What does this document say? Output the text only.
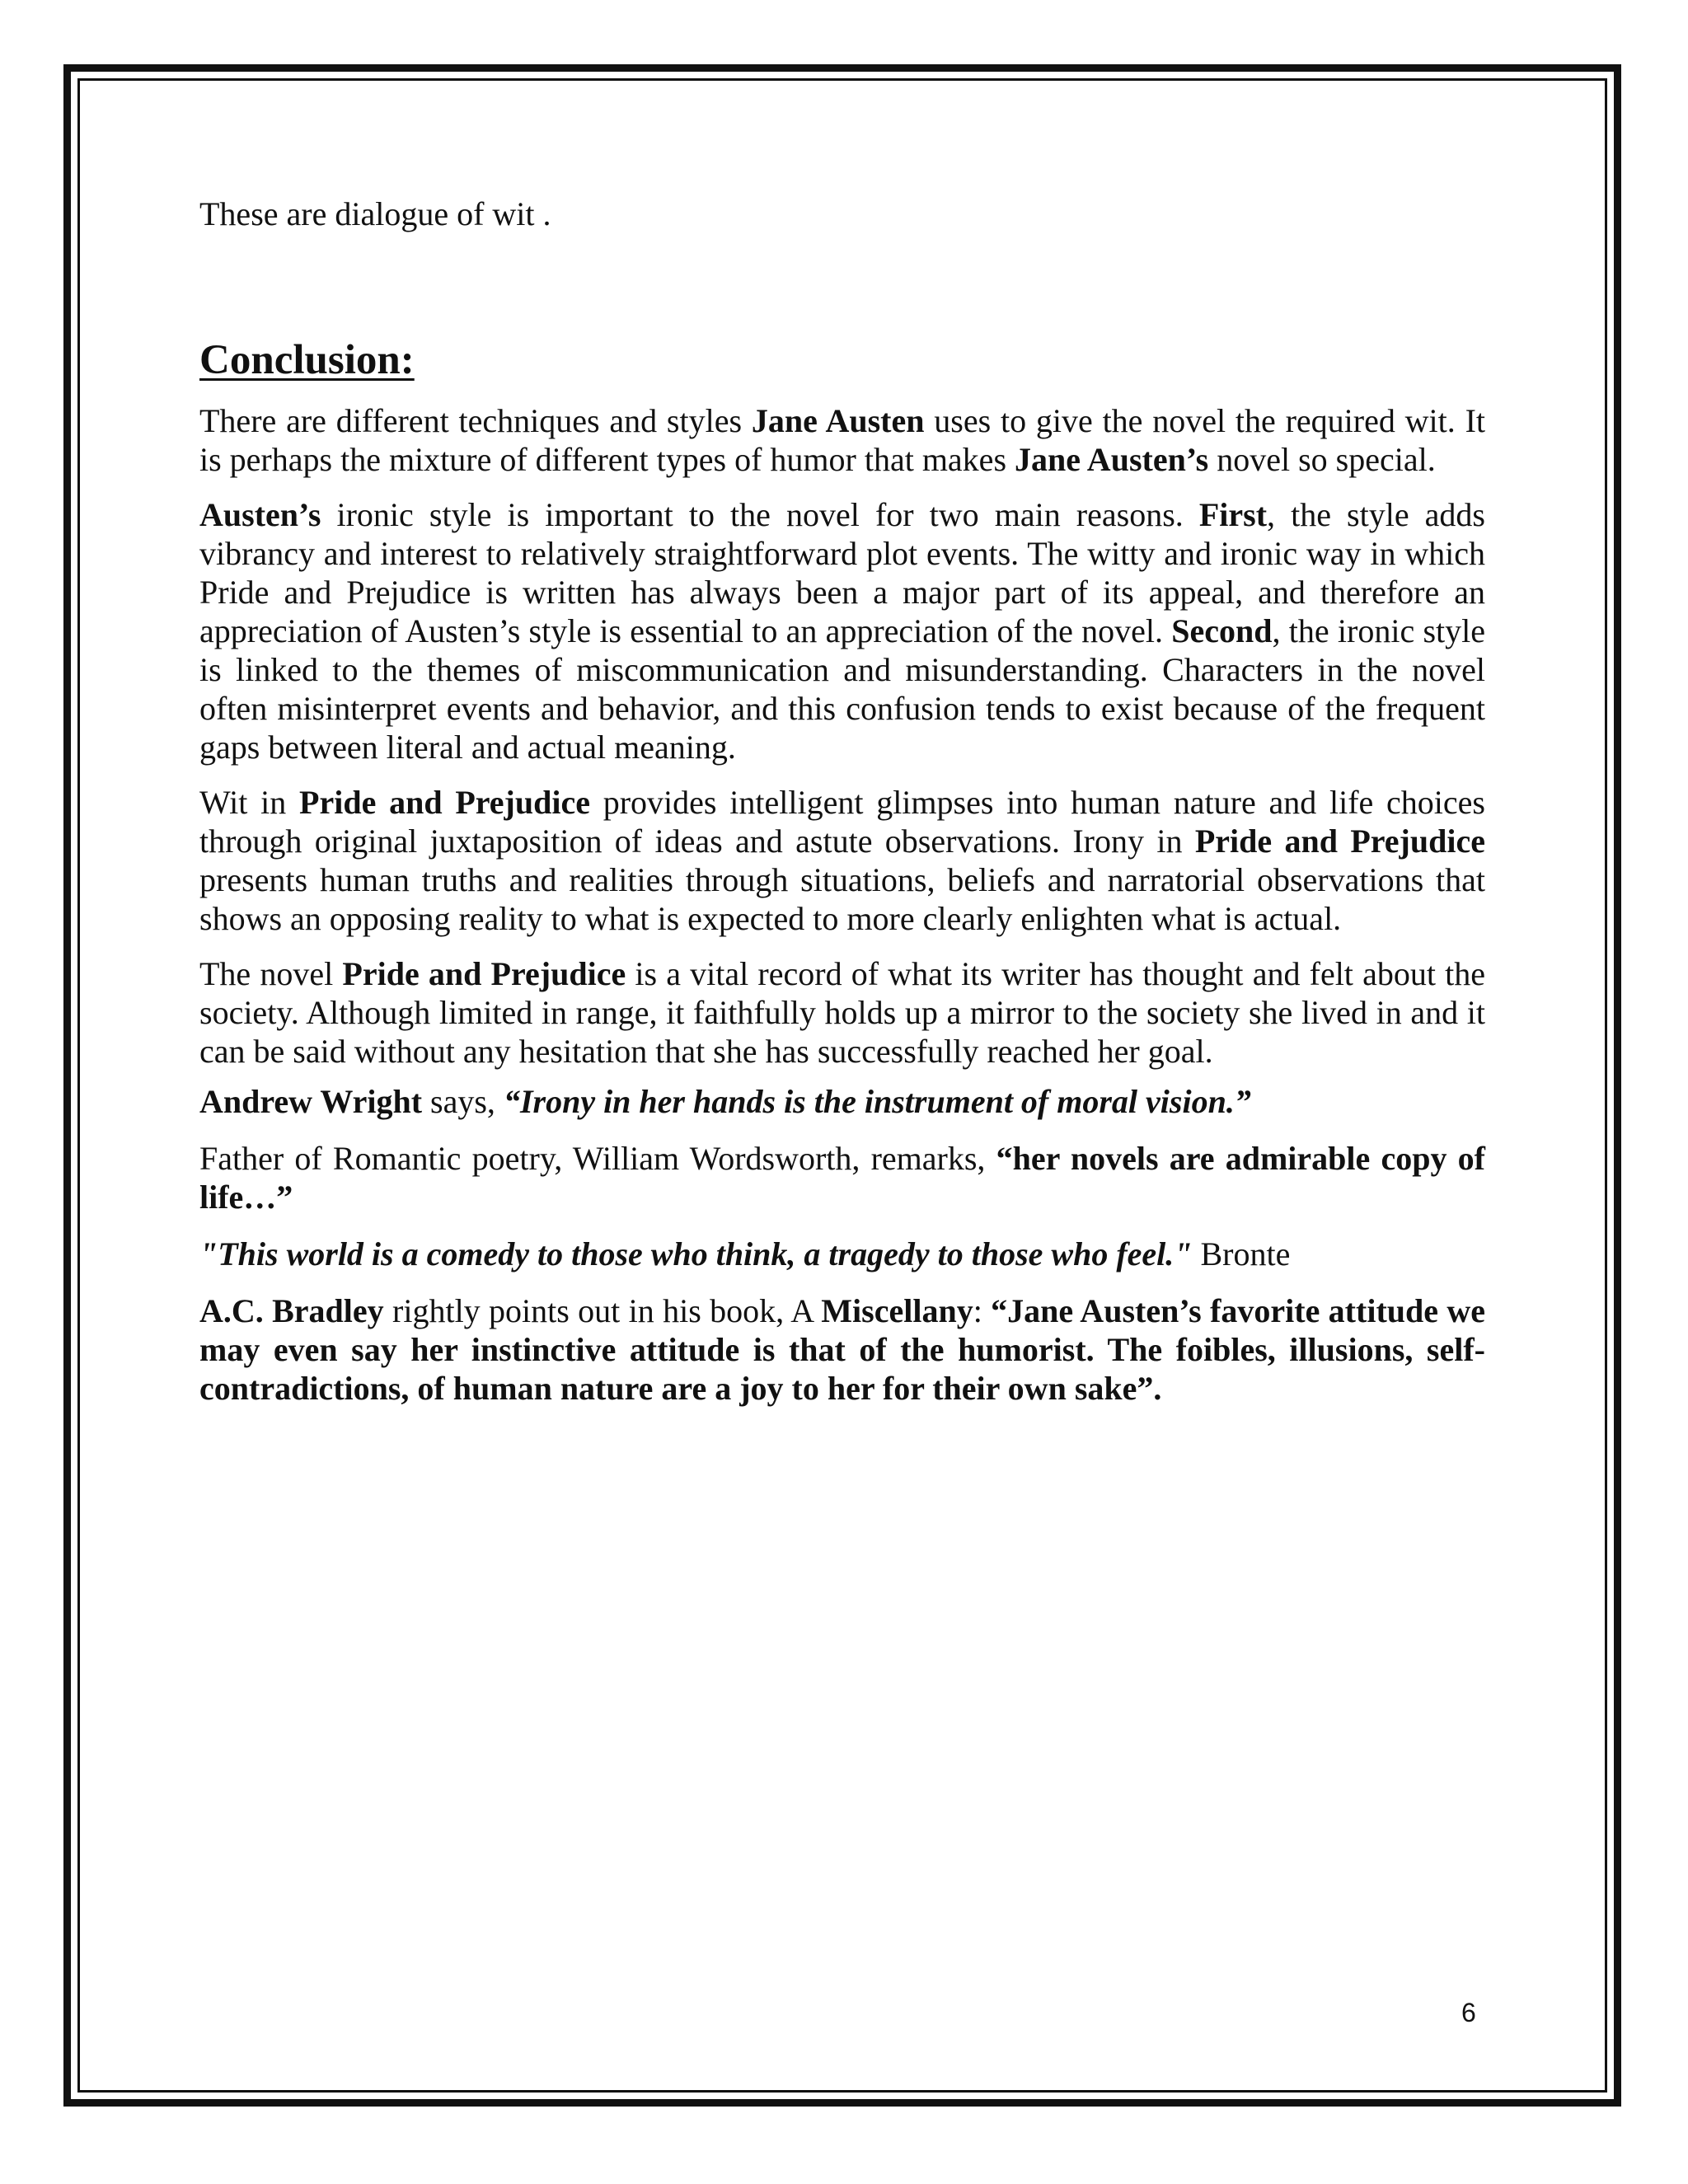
These are dialogue of wit .

Conclusion:

There are different techniques and styles Jane Austen uses to give the novel the required wit. It is perhaps the mixture of different types of humor that makes Jane Austen’s novel so special.

Austen’s ironic style is important to the novel for two main reasons. First, the style adds vibrancy and interest to relatively straightforward plot events. The witty and ironic way in which Pride and Prejudice is written has always been a major part of its appeal, and therefore an appreciation of Austen’s style is essential to an appreciation of the novel. Second, the ironic style is linked to the themes of miscommunication and misunderstanding. Characters in the novel often misinterpret events and behavior, and this confusion tends to exist because of the frequent gaps between literal and actual meaning.

Wit in Pride and Prejudice provides intelligent glimpses into human nature and life choices through original juxtaposition of ideas and astute observations. Irony in Pride and Prejudice presents human truths and realities through situations, beliefs and narratorial observations that shows an opposing reality to what is expected to more clearly enlighten what is actual.

The novel Pride and Prejudice is a vital record of what its writer has thought and felt about the society. Although limited in range, it faithfully holds up a mirror to the society she lived in and it can be said without any hesitation that she has successfully reached her goal.

Andrew Wright says, “Irony in her hands is the instrument of moral vision.”

Father of Romantic poetry, William Wordsworth, remarks, “her novels are admirable copy of life…”

"This world is a comedy to those who think, a tragedy to those who feel." Bronte

A.C. Bradley rightly points out in his book, A Miscellany: “Jane Austen’s favorite attitude we may even say her instinctive attitude is that of the humorist. The foibles, illusions, self-contradictions, of human nature are a joy to her for their own sake”.

6
